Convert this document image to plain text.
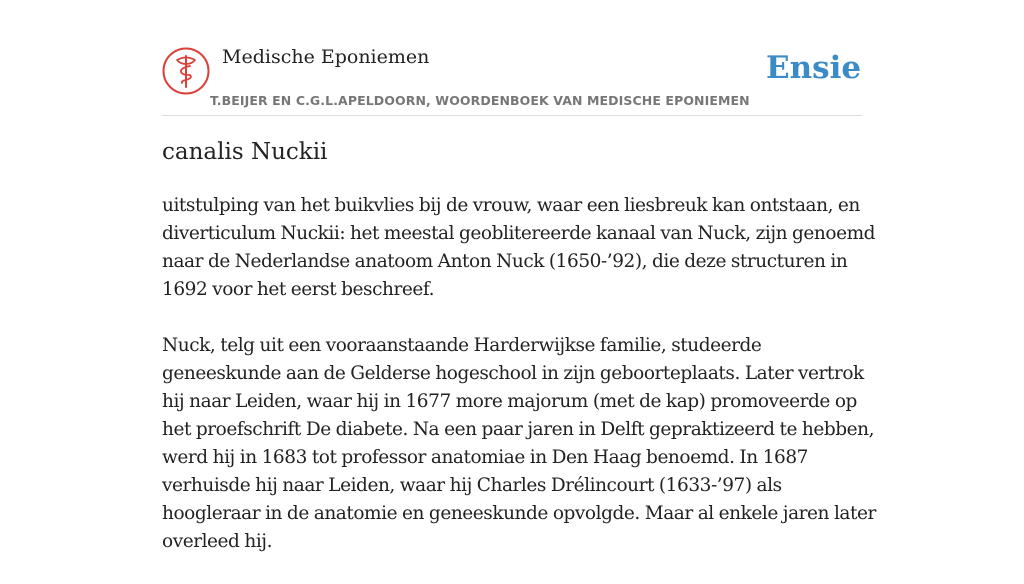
Medische Eponiemen
T.BEIJER EN C.G.L.APELDOORN, WOORDENBOEK VAN MEDISCHE EPONIEMEN
Ensie
canalis Nuckii

uitstulping van het buikvlies bij de vrouw, waar een liesbreuk kan ontstaan, en diverticulum Nuckii: het meestal geoblitereerde kanaal van Nuck, zijn genoemd naar de Nederlandse anatoom Anton Nuck (1650-’92), die deze structuren in 1692 voor het eerst beschreef.

Nuck, telg uit een vooraanstaande Harderwijkse familie, studeerde geneeskunde aan de Gelderse hogeschool in zijn geboorteplaats. Later vertrok hij naar Leiden, waar hij in 1677 more majorum (met de kap) promoveerde op het proefschrift De diabete. Na een paar jaren in Delft gepraktizeerd te hebben, werd hij in 1683 tot professor anatomiae in Den Haag benoemd. In 1687 verhuisde hij naar Leiden, waar hij Charles Drélincourt (1633-’97) als hoogleraar in de anatomie en geneeskunde opvolgde. Maar al enkele jaren later overleed hij.
